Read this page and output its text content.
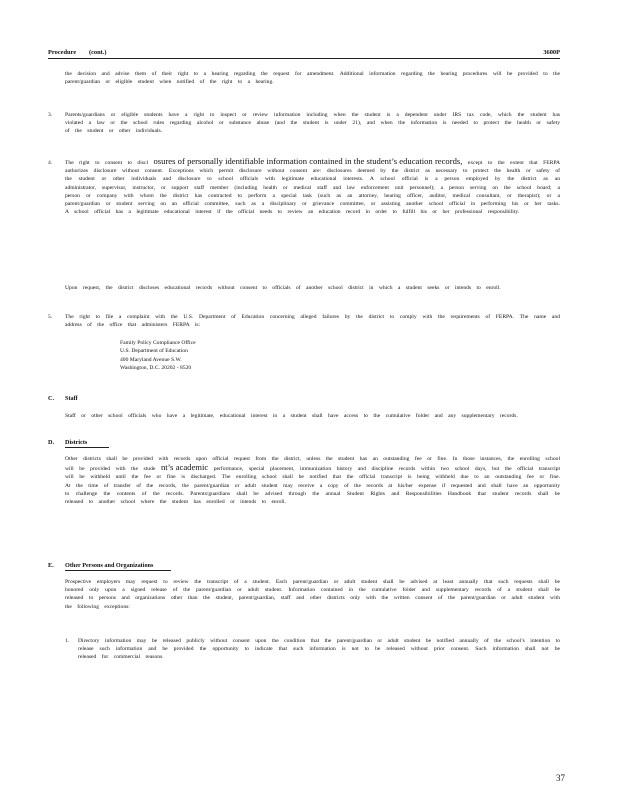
Procedure        (cont.)	3600P
the decision and advise them of their right to a hearing regarding the request for amendment. Additional information regarding the hearing procedures will be provided to the parent/guardian or eligible student when notified of the right to a hearing.
3. Parents/guardians or eligible students have a right to inspect or review information including when the student is a dependent under IRS tax code, which the student has violated a law or the school rules regarding alcohol or substance abuse (and the student is under 21), and when the information is needed to protect the health or safety of the student or other individuals.
4. The right to consent to discl osures of personally identifiable information contained in the student’s education records, except to the extent that FERPA authorizes disclosure without consent. Exceptions which permit disclosure without consent are: disclosures deemed by the district as necessary to protect the health or safety of the student or other individuals and disclosure to school officials with legitimate educational interests. A school official is a person employed by the district as an administrator, supervisor, instructor, or support staff member (including health or medical staff and law enforcement unit personnel); a person serving on the school board; a person or company with whom the district has contracted to perform a special task (such as an attorney, hearing officer, auditor, medical consultant, or therapist); or a parent/guardian or student serving on an official committee, such as a disciplinary or grievance committee, or assisting another school official in performing his or her tasks. A school official has a legitimate educational interest if the official needs to review an education record in order to fulfill his or her professional responsibility.
Upon request, the district discloses educational records without consent to officials of another school district in which a student seeks or intends to enroll.
5. The right to file a complaint with the U.S. Department of Education concerning alleged failures by the district to comply with the requirements of FERPA. The name and address of the office that administers FERPA is:
Family Policy Compliance Office
U.S. Department of Education
400 Maryland Avenue S.W.
Washington, D.C. 20202 - 8520
C. Staff
Staff or other school officials who have a legitimate, educational interest in a student shall have access to the cumulative folder and any supplementary records.
D. Districts
Other districts shall be provided with records upon official request from the district, unless the student has an outstanding fee or fine. In those instances, the enrolling school will be provided with the stude nt’s academic performance, special placement, immunization history and discipline records within two school days, but the official transcript will be withheld until the fee or fine is discharged. The enrolling school shall be notified that the official transcript is being withheld due to an outstanding fee or fine. At the time of transfer of the records, the parent/guardian or adult student may receive a copy of the records at his/her expense if requested and shall have an opportunity to challenge the contents of the records. Parents/guardians shall be advised through the annual Student Rights and Responsibilities Handbook that student records shall be released to another school where the student has enrolled or intends to enroll.
E. Other Persons and Organizations
Prospective employers may request to review the transcript of a student. Each parent/guardian or adult student shall be advised at least annually that such requests shall be honored only upon a signed release of the parent/guardian or adult student. Information contained in the cumulative folder and supplementary records of a student shall be released to persons and organizations other than the student, parent/guardian, staff and other districts only with the written consent of the parent/guardian or adult student with the following exceptions:
1. Directory information may be released publicly without consent upon the condition that the parent/guardian or adult student be notified annually of the school’s intention to release such information and be provided the opportunity to indicate that such information is not to be released without prior consent. Such information shall not be released for commercial reasons.
37
